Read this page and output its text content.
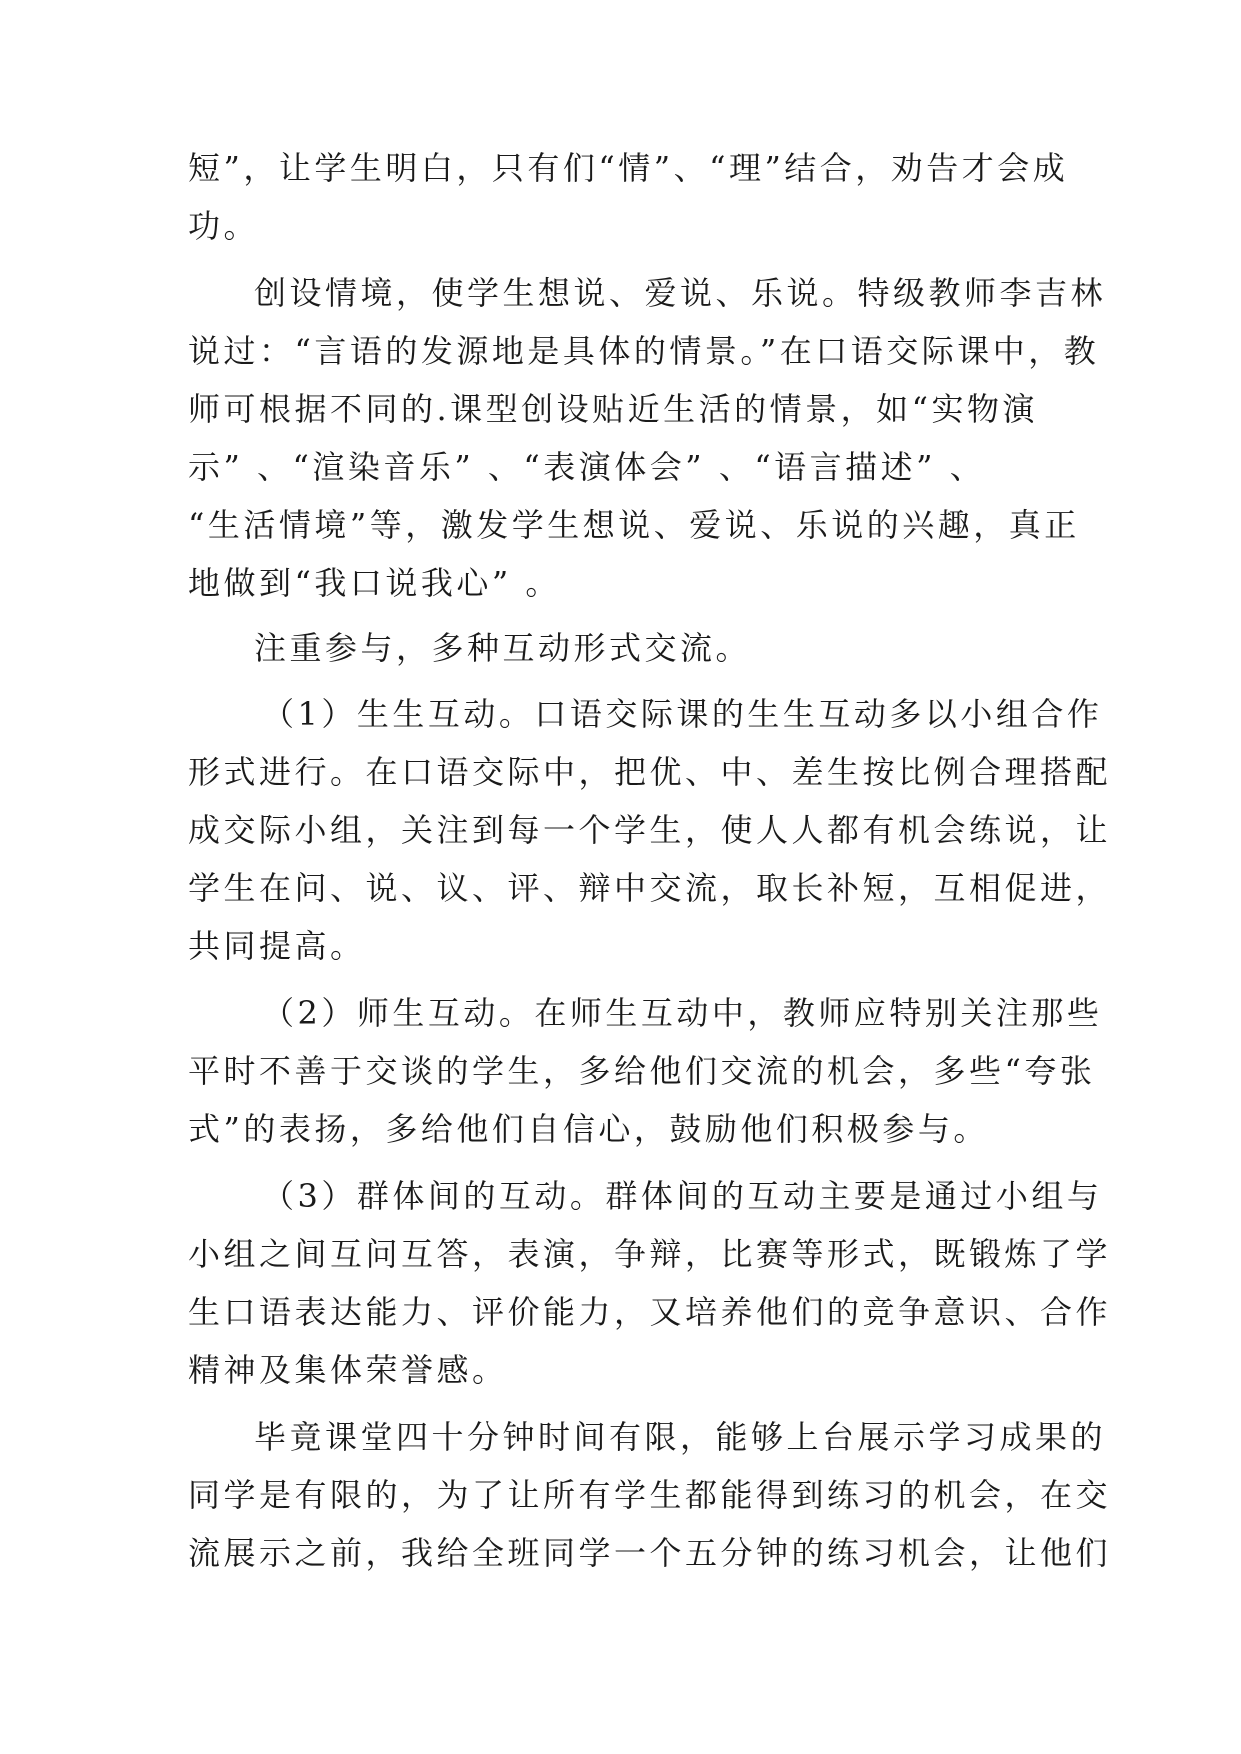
短”，让学生明白，只有们“情”、“理”结合，劝告才会成
功。
创设情境，使学生想说、爱说、乐说。特级教师李吉林
说过：“言语的发源地是具体的情景。”在口语交际课中，教
师可根据不同的.课型创设贴近生活的情景，如“实物演
示” 、“渲染音乐” 、“表演体会” 、“语言描述” 、
“生活情境”等，激发学生想说、爱说、乐说的兴趣，真正
地做到“我口说我心” 。
注重参与，多种互动形式交流。
（1）生生互动。口语交际课的生生互动多以小组合作
形式进行。在口语交际中，把优、中、差生按比例合理搭配
成交际小组，关注到每一个学生，使人人都有机会练说，让
学生在问、说、议、评、辩中交流，取长补短，互相促进，
共同提高。
（2）师生互动。在师生互动中，教师应特别关注那些
平时不善于交谈的学生，多给他们交流的机会，多些“夸张
式”的表扬，多给他们自信心，鼓励他们积极参与。
（3）群体间的互动。群体间的互动主要是通过小组与
小组之间互问互答，表演，争辩，比赛等形式，既锻炼了学
生口语表达能力、评价能力，又培养他们的竞争意识、合作
精神及集体荣誉感。
毕竟课堂四十分钟时间有限，能够上台展示学习成果的
同学是有限的，为了让所有学生都能得到练习的机会，在交
流展示之前，我给全班同学一个五分钟的练习机会，让他们
